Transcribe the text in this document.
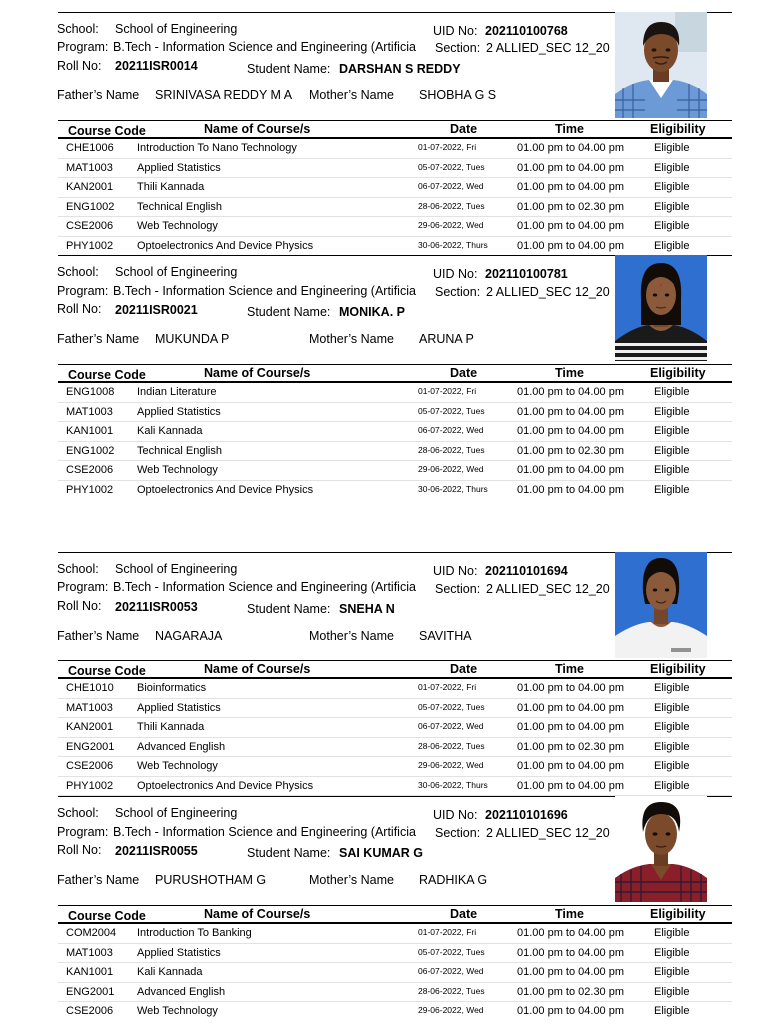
School: School of Engineering	UID No: 202110100768
Program: B.Tech - Information Science and Engineering (Artificia Section: 2 ALLIED_SEC 12_20
Roll No: 20211ISR0014	Student Name: DARSHAN S REDDY
Father’s Name SRINIVASA REDDY M A Mother’s Name SHOBHA G S
Course Code	Name of Course/s	Date	Time	Eligibility
CHE1006 Introduction To Nano Technology	01-07-2022, Fri	01.00 pm to 04.00 pm	Eligible
MAT1003 Applied Statistics	05-07-2022, Tues	01.00 pm to 04.00 pm	Eligible
KAN2001 Thili Kannada	06-07-2022, Wed	01.00 pm to 04.00 pm	Eligible
ENG1002 Technical English	28-06-2022, Tues	01.00 pm to 02.30 pm	Eligible
CSE2006 Web Technology	29-06-2022, Wed	01.00 pm to 04.00 pm	Eligible
PHY1002 Optoelectronics And Device Physics	30-06-2022, Thurs	01.00 pm to 04.00 pm	Eligible
School: School of Engineering	UID No: 202110100781
Program: B.Tech - Information Science and Engineering (Artificia Section: 2 ALLIED_SEC 12_20
Roll No: 20211ISR0021	Student Name: MONIKA. P
Father’s Name MUKUNDA P	Mother’s Name ARUNA P
Course Code	Name of Course/s	Date	Time	Eligibility
ENG1008 Indian Literature	01-07-2022, Fri	01.00 pm to 04.00 pm	Eligible
MAT1003 Applied Statistics	05-07-2022, Tues	01.00 pm to 04.00 pm	Eligible
KAN1001 Kali Kannada	06-07-2022, Wed	01.00 pm to 04.00 pm	Eligible
ENG1002 Technical English	28-06-2022, Tues	01.00 pm to 02.30 pm	Eligible
CSE2006 Web Technology	29-06-2022, Wed	01.00 pm to 04.00 pm	Eligible
PHY1002 Optoelectronics And Device Physics	30-06-2022, Thurs	01.00 pm to 04.00 pm	Eligible
School: School of Engineering	UID No: 202110101694
Program: B.Tech - Information Science and Engineering (Artificia Section: 2 ALLIED_SEC 12_20
Roll No: 20211ISR0053	Student Name: SNEHA N
Father’s Name NAGARAJA	Mother’s Name SAVITHA
Course Code	Name of Course/s	Date	Time	Eligibility
CHE1010 Bioinformatics	01-07-2022, Fri	01.00 pm to 04.00 pm	Eligible
MAT1003 Applied Statistics	05-07-2022, Tues	01.00 pm to 04.00 pm	Eligible
KAN2001 Thili Kannada	06-07-2022, Wed	01.00 pm to 04.00 pm	Eligible
ENG2001 Advanced English	28-06-2022, Tues	01.00 pm to 02.30 pm	Eligible
CSE2006 Web Technology	29-06-2022, Wed	01.00 pm to 04.00 pm	Eligible
PHY1002 Optoelectronics And Device Physics	30-06-2022, Thurs	01.00 pm to 04.00 pm	Eligible
School: School of Engineering	UID No: 202110101696
Program: B.Tech - Information Science and Engineering (Artificia Section: 2 ALLIED_SEC 12_20
Roll No: 20211ISR0055	Student Name: SAI KUMAR G
Father’s Name PURUSHOTHAM G	Mother’s Name RADHIKA G
Course Code	Name of Course/s	Date	Time	Eligibility
COM2004 Introduction To Banking	01-07-2022, Fri	01.00 pm to 04.00 pm	Eligible
MAT1003 Applied Statistics	05-07-2022, Tues	01.00 pm to 04.00 pm	Eligible
KAN1001 Kali Kannada	06-07-2022, Wed	01.00 pm to 04.00 pm	Eligible
ENG2001 Advanced English	28-06-2022, Tues	01.00 pm to 02.30 pm	Eligible
CSE2006 Web Technology	29-06-2022, Wed	01.00 pm to 04.00 pm	Eligible
